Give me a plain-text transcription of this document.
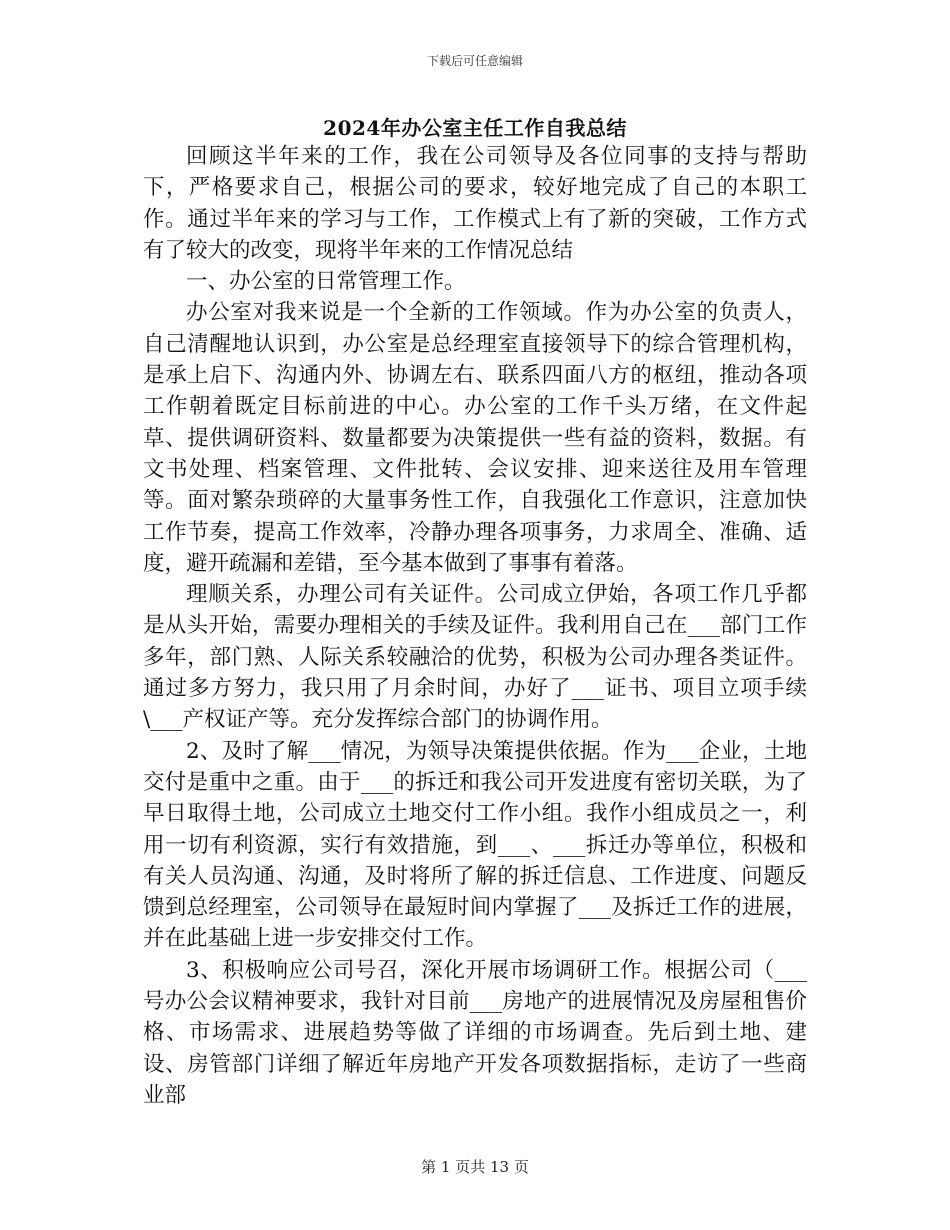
下载后可任意编辑
2024年办公室主任工作自我总结

回顾这半年来的工作，我在公司领导及各位同事的支持与帮助下，严格要求自己，根据公司的要求，较好地完成了自己的本职工作。通过半年来的学习与工作，工作模式上有了新的突破，工作方式有了较大的改变，现将半年来的工作情况总结

一、办公室的日常管理工作。

办公室对我来说是一个全新的工作领域。作为办公室的负责人，自己清醒地认识到，办公室是总经理室直接领导下的综合管理机构，是承上启下、沟通内外、协调左右、联系四面八方的枢纽，推动各项工作朝着既定目标前进的中心。办公室的工作千头万绪，在文件起草、提供调研资料、数量都要为决策提供一些有益的资料，数据。有文书处理、档案管理、文件批转、会议安排、迎来送往及用车管理等。面对繁杂琐碎的大量事务性工作，自我强化工作意识，注意加快工作节奏，提高工作效率，冷静办理各项事务，力求周全、准确、适度，避开疏漏和差错，至今基本做到了事事有着落。

理顺关系，办理公司有关证件。公司成立伊始，各项工作几乎都是从头开始，需要办理相关的手续及证件。我利用自己在___部门工作多年，部门熟、人际关系较融洽的优势，积极为公司办理各类证件。通过多方努力，我只用了月余时间，办好了___证书、项目立项手续\___产权证产等。充分发挥综合部门的协调作用。

2、及时了解___情况，为领导决策提供依据。作为___企业，土地交付是重中之重。由于___的拆迁和我公司开发进度有密切关联，为了早日取得土地，公司成立土地交付工作小组。我作小组成员之一，利用一切有利资源，实行有效措施，到___、___拆迁办等单位，积极和有关人员沟通、沟通，及时将所了解的拆迁信息、工作进度、问题反馈到总经理室，公司领导在最短时间内掌握了___及拆迁工作的进展，并在此基础上进一步安排交付工作。

3、积极响应公司号召，深化开展市场调研工作。根据公司（___号办公会议精神要求，我针对目前___房地产的进展情况及房屋租售价格、市场需求、进展趋势等做了详细的市场调查。先后到土地、建设、房管部门详细了解近年房地产开发各项数据指标，走访了一些商业部

第 1 页共 13 页
